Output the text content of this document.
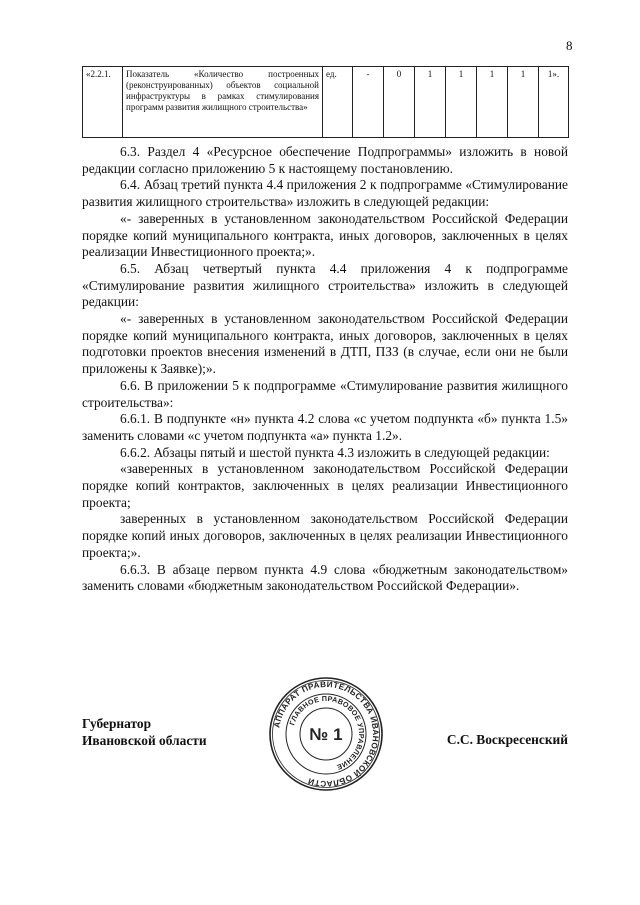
8
«2.2.1.	Показатель «Количество построенных (реконструированных) объектов социальной инфраструктуры в рамках стимулирования программ развития жилищного строительства»	ед.	-	0	1	1	1	1	1».

6.3. Раздел 4 «Ресурсное обеспечение Подпрограммы» изложить в новой редакции согласно приложению 5 к настоящему постановлению.

6.4. Абзац третий пункта 4.4 приложения 2 к подпрограмме «Стимулирование развития жилищного строительства» изложить в следующей редакции:

«- заверенных в установленном законодательством Российской Федерации порядке копий муниципального контракта, иных договоров, заключенных в целях реализации Инвестиционного проекта;».

6.5. Абзац четвертый пункта 4.4 приложения 4 к подпрограмме «Стимулирование развития жилищного строительства» изложить в следующей редакции:

«- заверенных в установленном законодательством Российской Федерации порядке копий муниципального контракта, иных договоров, заключенных в целях подготовки проектов внесения изменений в ДТП, ПЗЗ (в случае, если они не были приложены к Заявке);».

6.6. В приложении 5 к подпрограмме «Стимулирование развития жилищного строительства»:

6.6.1. В подпункте «н» пункта 4.2 слова «с учетом подпункта «б» пункта 1.5» заменить словами «с учетом подпункта «а» пункта 1.2».

6.6.2. Абзацы пятый и шестой пункта 4.3 изложить в следующей редакции:

«заверенных в установленном законодательством Российской Федерации порядке копий контрактов, заключенных в целях реализации Инвестиционного проекта;

заверенных в установленном законодательством Российской Федерации порядке копий иных договоров, заключенных в целях реализации Инвестиционного проекта;».

6.6.3. В абзаце первом пункта 4.9 слова «бюджетным законодательством» заменить словами «бюджетным законодательством Российской Федерации».

Губернатор
Ивановской области
АППАРАТ ПРАВИТЕЛЬСТВА ИВАНОВСКОЙ ОБЛАСТИ
ГЛАВНОЕ ПРАВОВОЕ УПРАВЛЕНИЕ
№ 1	С.С. Воскресенский
